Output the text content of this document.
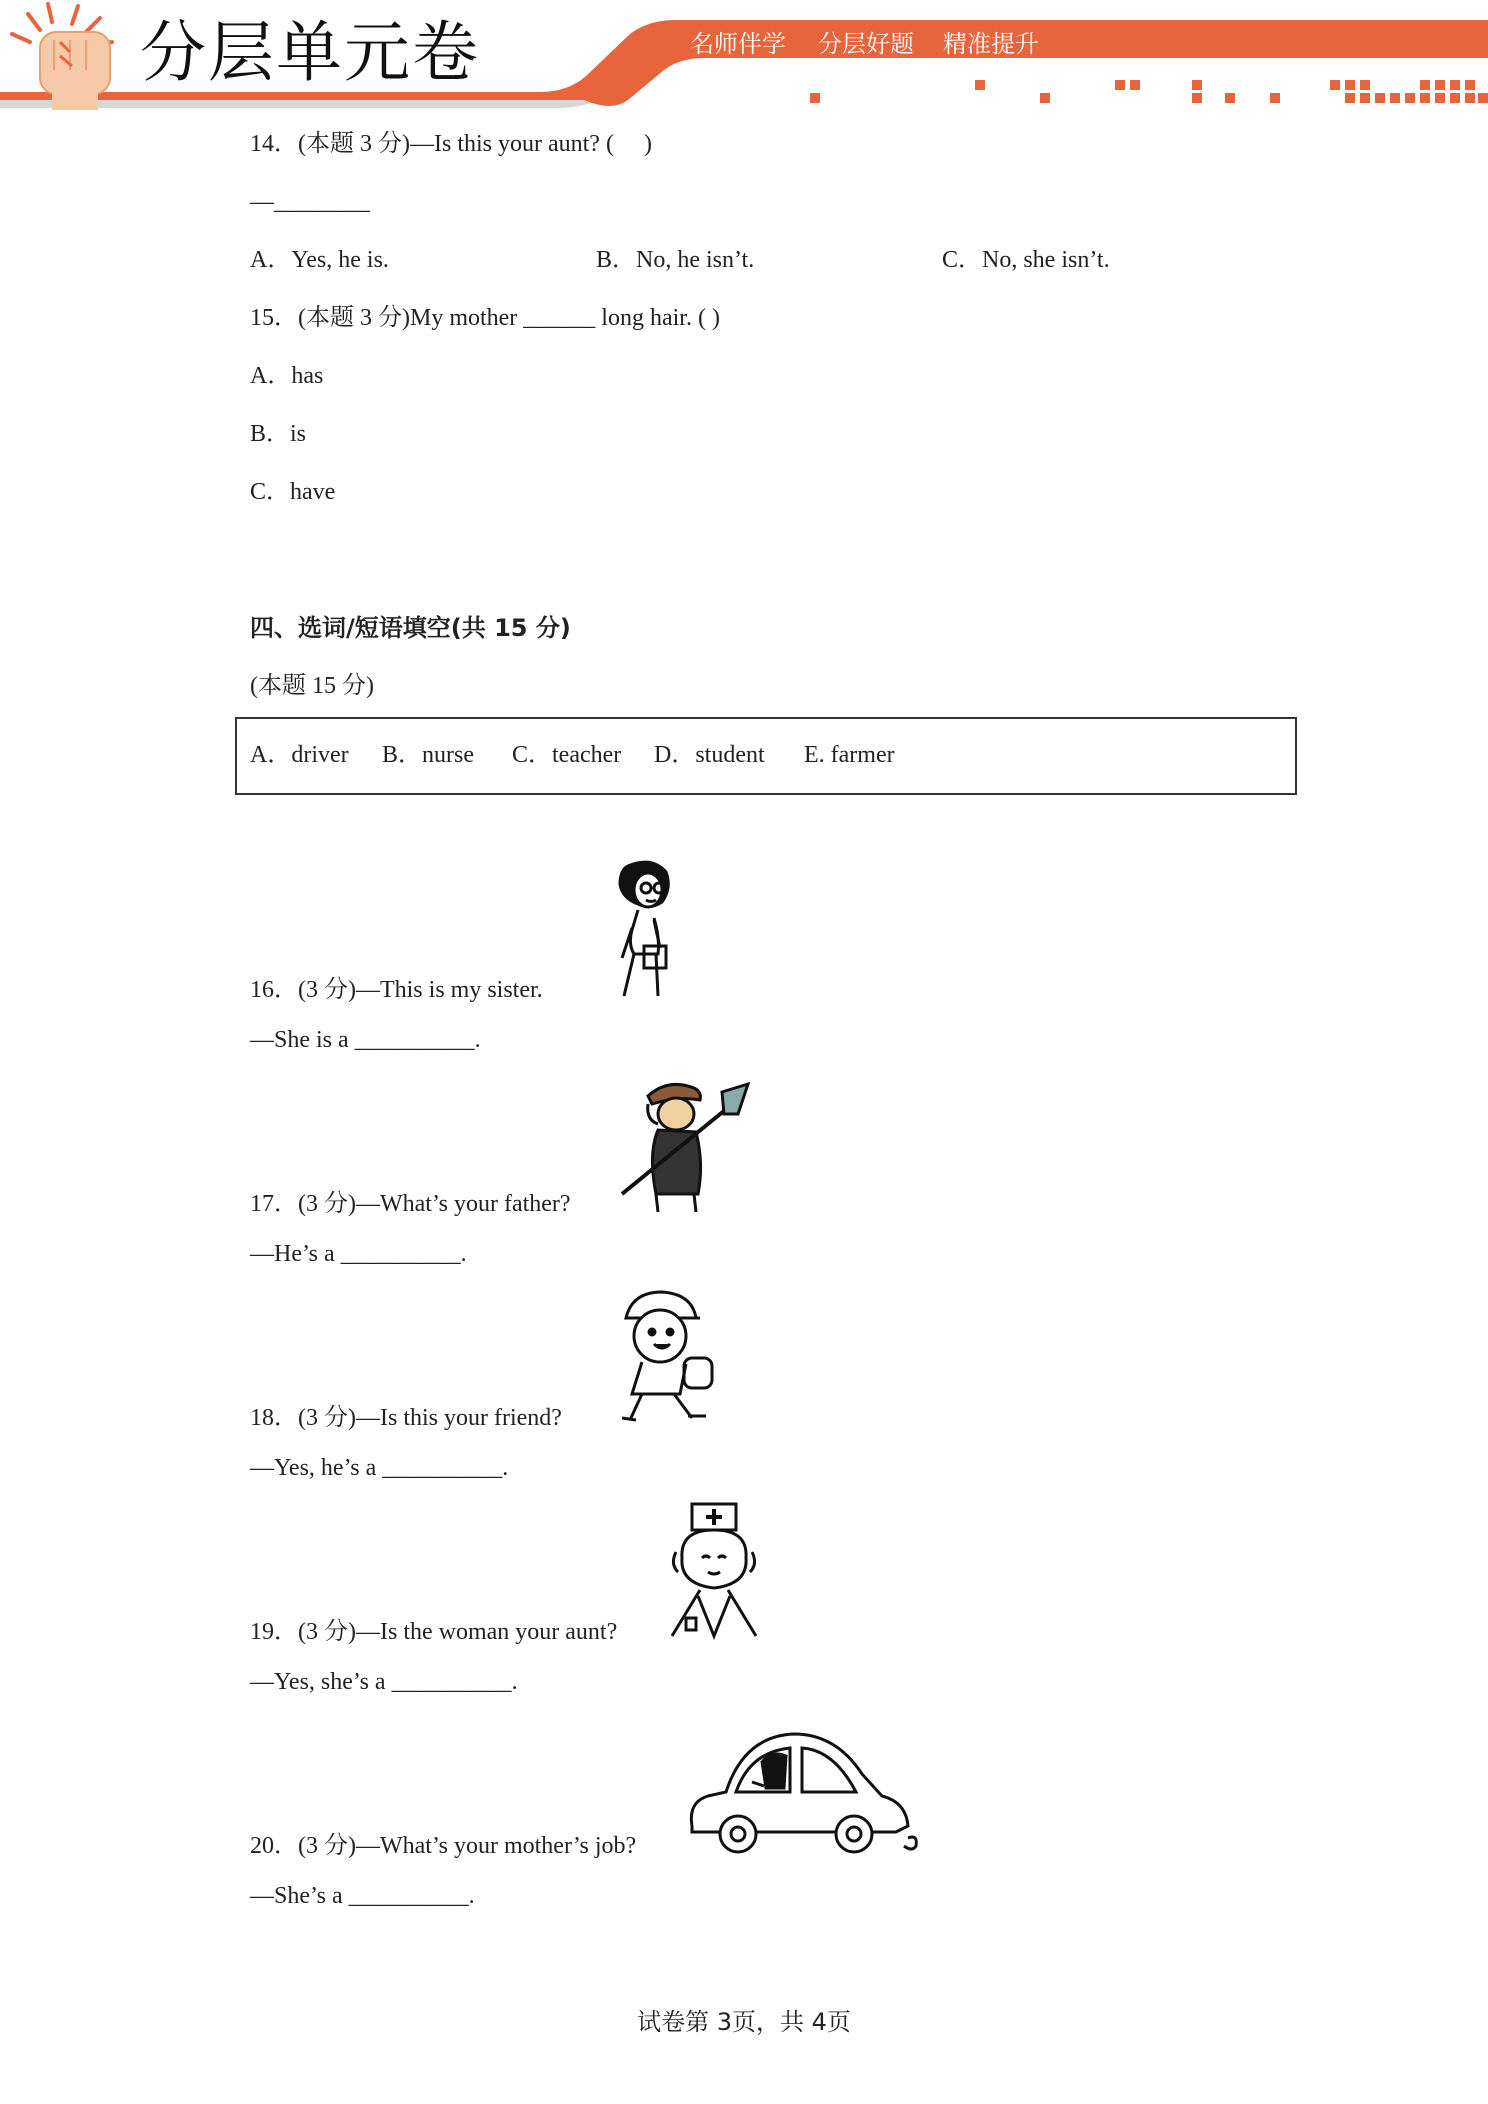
分层单元卷	名师伴学 分层好题 精准提升
14．(本题 3 分)—Is this your aunt? (　 )
—________
A．Yes, he is.	B．No, he isn’t.	C．No, she isn’t.
15．(本题 3 分)My mother ______ long hair. ( )
A．has
B．is
C．have
四、选词/短语填空(共 15 分)
(本题 15 分)
A．driver B．nurse C．teacher D．student E. farmer
16．(3 分)—This is my sister.
—She is a __________.
17．(3 分)—What’s your father?
—He’s a __________.
18．(3 分)—Is this your friend?
—Yes, he’s a __________.
19．(3 分)—Is the woman your aunt?
—Yes, she’s a __________.
20．(3 分)—What’s your mother’s job?
—She’s a __________.
试卷第 3页，共 4页
